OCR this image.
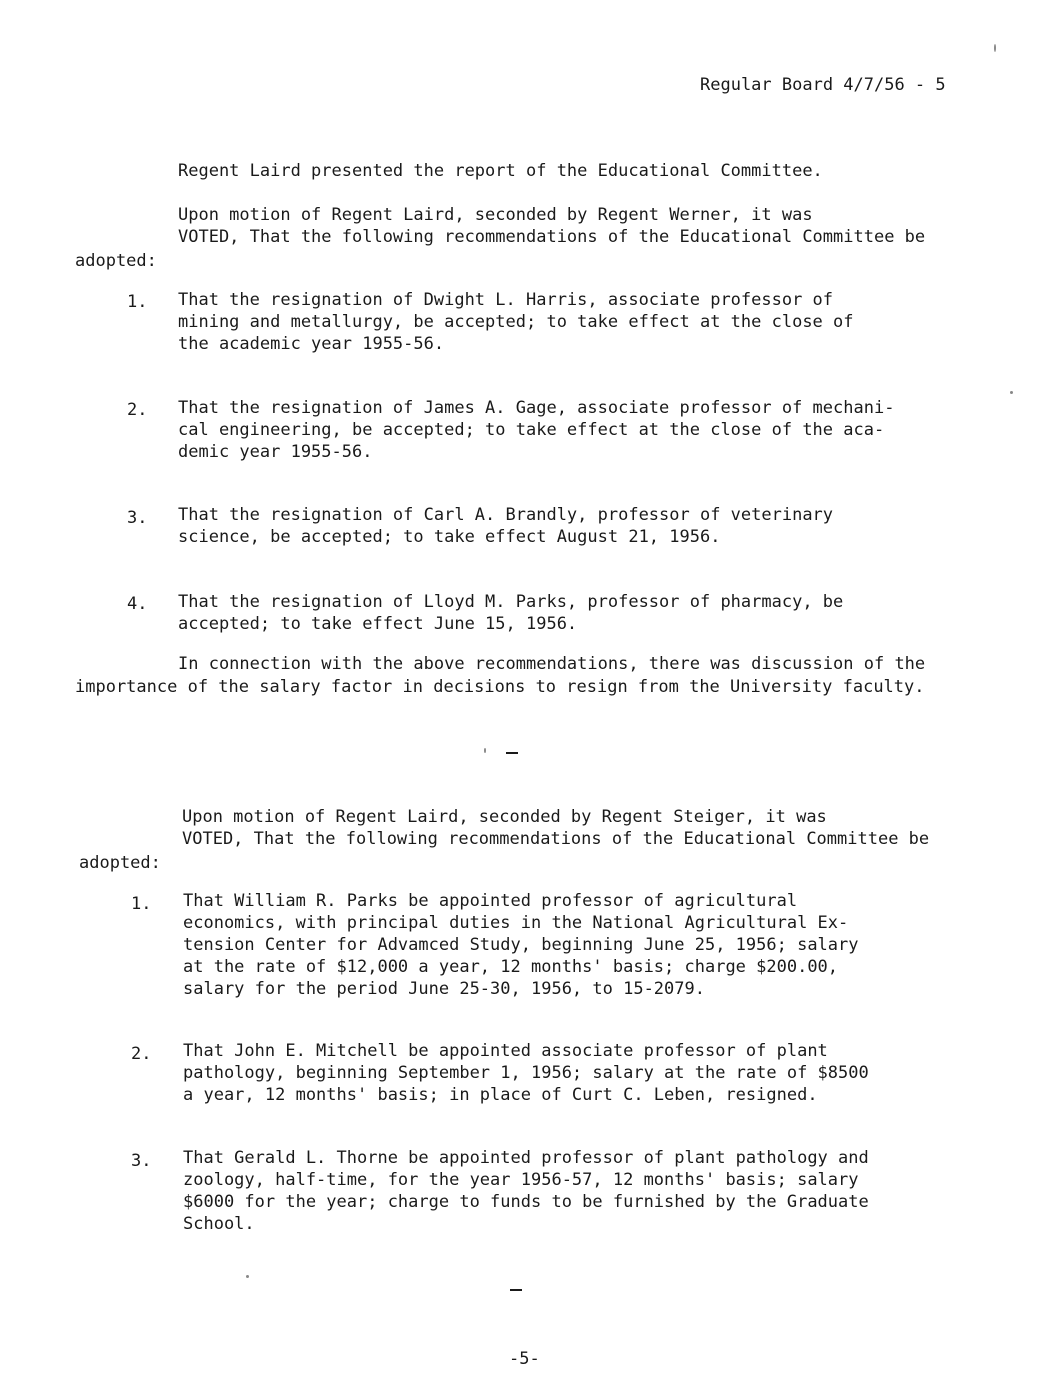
Regular Board 4/7/56 - 5
Regent Laird presented the report of the Educational Committee.
Upon motion of Regent Laird, seconded by Regent Werner, it was
VOTED, That the following recommendations of the Educational Committee be
adopted:
1. That the resignation of Dwight L. Harris, associate professor of
mining and metallurgy, be accepted; to take effect at the close of
the academic year 1955-56.
2. That the resignation of James A. Gage, associate professor of mechani-
cal engineering, be accepted; to take effect at the close of the aca-
demic year 1955-56.
3. That the resignation of Carl A. Brandly, professor of veterinary
science, be accepted; to take effect August 21, 1956.
4. That the resignation of Lloyd M. Parks, professor of pharmacy, be
accepted; to take effect June 15, 1956.
In connection with the above recommendations, there was discussion of the
importance of the salary factor in decisions to resign from the University faculty.
Upon motion of Regent Laird, seconded by Regent Steiger, it was
VOTED, That the following recommendations of the Educational Committee be
adopted:
1. That William R. Parks be appointed professor of agricultural
economics, with principal duties in the National Agricultural Ex-
tension Center for Advamced Study, beginning June 25, 1956; salary
at the rate of $12,000 a year, 12 months' basis; charge $200.00,
salary for the period June 25-30, 1956, to 15-2079.
2. That John E. Mitchell be appointed associate professor of plant
pathology, beginning September 1, 1956; salary at the rate of $8500
a year, 12 months' basis; in place of Curt C. Leben, resigned.
3. That Gerald L. Thorne be appointed professor of plant pathology and
zoology, half-time, for the year 1956-57, 12 months' basis; salary
$6000 for the year; charge to funds to be furnished by the Graduate
School.
-5-
